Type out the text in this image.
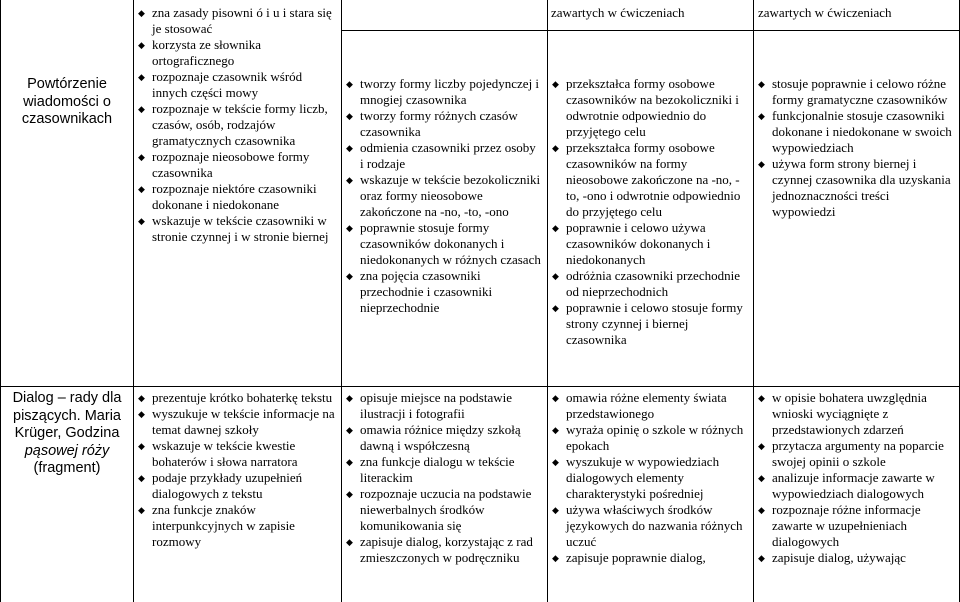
zawartych w ćwiczeniach	zawartych w ćwiczeniach
Powtórzenie wiadomości o czasownikach
◆ zna zasady pisowni ó i u i stara się je stosować
◆ korzysta ze słownika ortograficznego
◆ rozpoznaje czasownik wśród innych części mowy
◆ rozpoznaje w tekście formy liczb, czasów, osób, rodzajów gramatycznych czasownika
◆ rozpoznaje nieosobowe formy czasownika
◆ rozpoznaje niektóre czasowniki dokonane i niedokonane
◆ wskazuje w tekście czasowniki w stronie czynnej i w stronie biernej
◆ tworzy formy liczby pojedynczej i mnogiej czasownika
◆ tworzy formy różnych czasów czasownika
◆ odmienia czasowniki przez osoby i rodzaje
◆ wskazuje w tekście bezokoliczniki oraz formy nieosobowe zakończone na -no, -to, -ono
◆ poprawnie stosuje formy czasowników dokonanych i niedokonanych w różnych czasach
◆ zna pojęcia czasowniki przechodnie i czasowniki nieprzechodnie
◆ przekształca formy osobowe czasowników na bezokoliczniki i odwrotnie odpowiednio do przyjętego celu
◆ przekształca formy osobowe czasowników na formy nieosobowe zakończone na -no, -to, -ono i odwrotnie odpowiednio do przyjętego celu
◆ poprawnie i celowo używa czasowników dokonanych i niedokonanych
◆ odróżnia czasowniki przechodnie od nieprzechodnich
◆ poprawnie i celowo stosuje formy strony czynnej i biernej czasownika
◆ stosuje poprawnie i celowo różne formy gramatyczne czasowników
◆ funkcjonalnie stosuje czasowniki dokonane i niedokonane w swoich wypowiedziach
◆ używa form strony biernej i czynnej czasownika dla uzyskania jednoznaczności treści wypowiedzi
Dialog – rady dla piszących. Maria Krüger, Godzina pąsowej róży (fragment)
◆ prezentuje krótko bohaterkę tekstu
◆ wyszukuje w tekście informacje na temat dawnej szkoły
◆ wskazuje w tekście kwestie bohaterów i słowa narratora
◆ podaje przykłady uzupełnień dialogowych z tekstu
◆ zna funkcje znaków interpunkcyjnych w zapisie rozmowy
◆ opisuje miejsce na podstawie ilustracji i fotografii
◆ omawia różnice między szkołą dawną i współczesną
◆ zna funkcje dialogu w tekście literackim
◆ rozpoznaje uczucia na podstawie niewerbalnych środków komunikowania się
◆ zapisuje dialog, korzystając z rad zmieszczonych w podręczniku
◆ omawia różne elementy świata przedstawionego
◆ wyraża opinię o szkole w różnych epokach
◆ wyszukuje w wypowiedziach dialogowych elementy charakterystyki pośredniej
◆ używa właściwych środków językowych do nazwania różnych uczuć
◆ zapisuje poprawnie dialog,
◆ w opisie bohatera uwzględnia wnioski wyciągnięte z przedstawionych zdarzeń
◆ przytacza argumenty na poparcie swojej opinii o szkole
◆ analizuje informacje zawarte w wypowiedziach dialogowych
◆ rozpoznaje różne informacje zawarte w uzupełnieniach dialogowych
◆ zapisuje dialog, używając
